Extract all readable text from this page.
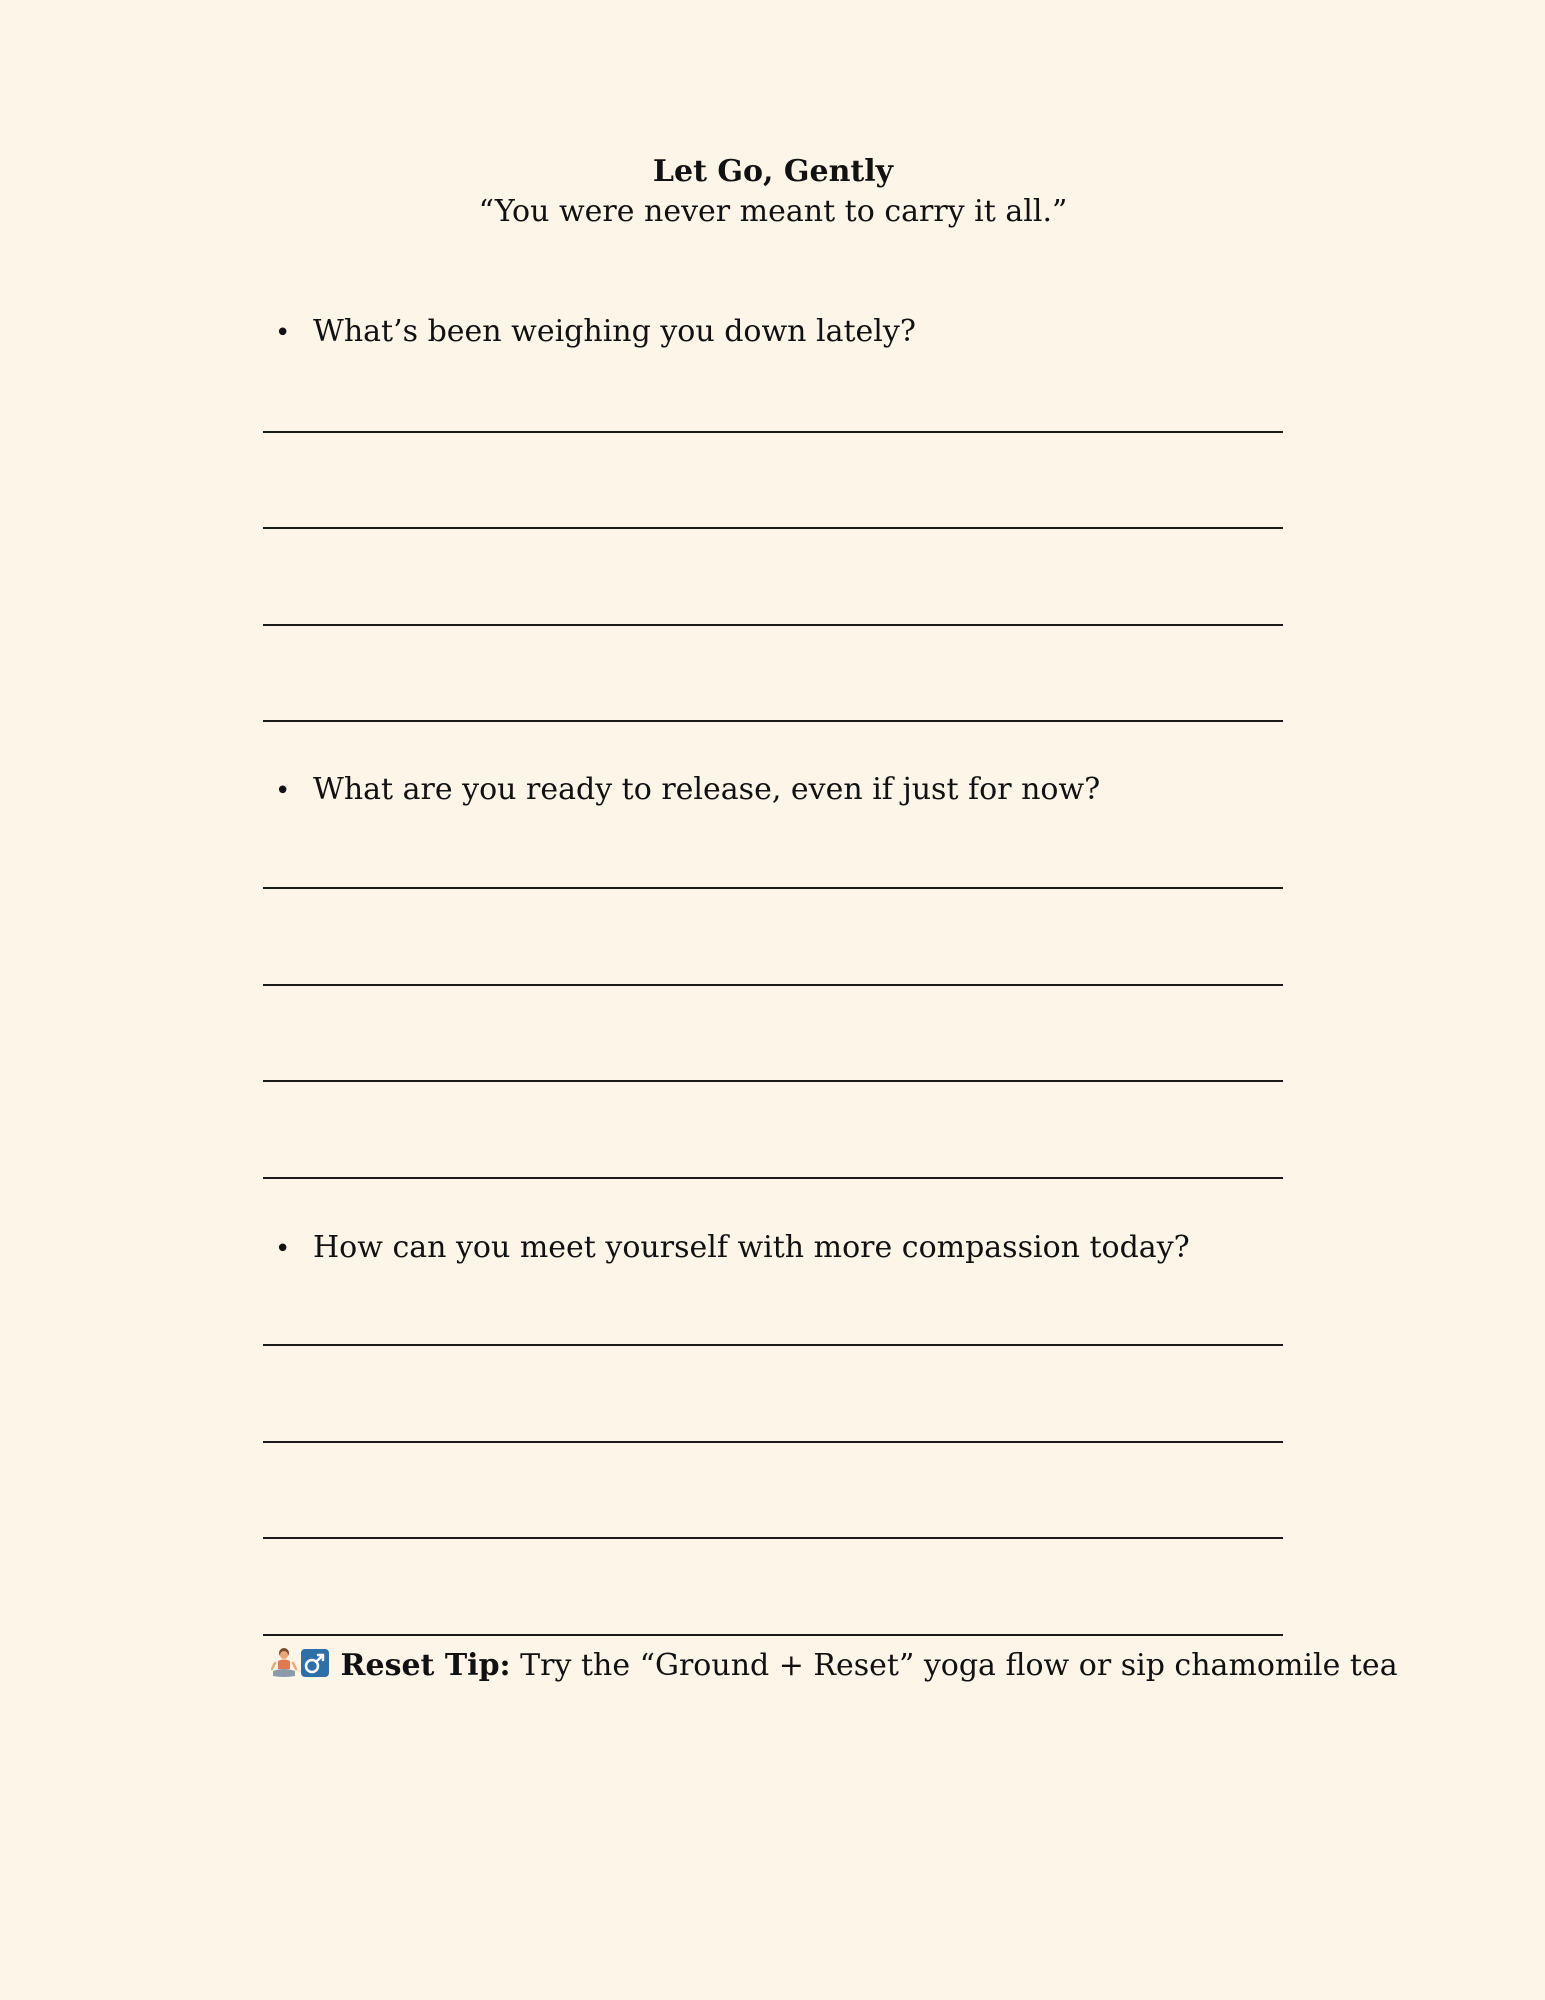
Let Go, Gently
“You were never meant to carry it all.”
• What’s been weighing you down lately?
• What are you ready to release, even if just for now?
• How can you meet yourself with more compassion today?
Reset Tip: Try the “Ground + Reset” yoga flow or sip chamomile tea
